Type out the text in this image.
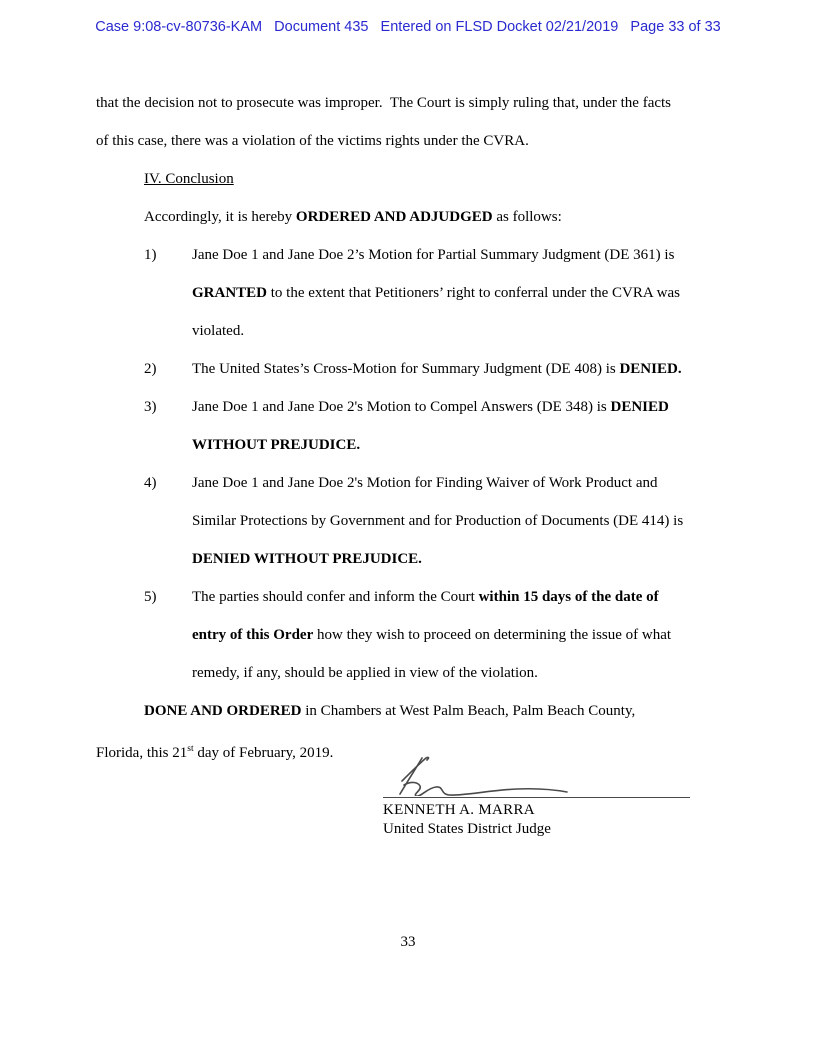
Case 9:08-cv-80736-KAM   Document 435   Entered on FLSD Docket 02/21/2019   Page 33 of 33
that the decision not to prosecute was improper.  The Court is simply ruling that, under the facts
of this case, there was a violation of the victims rights under the CVRA.
IV. Conclusion
Accordingly, it is hereby ORDERED AND ADJUDGED as follows:
1) Jane Doe 1 and Jane Doe 2’s Motion for Partial Summary Judgment (DE 361) is
GRANTED to the extent that Petitioners’ right to conferral under the CVRA was
violated.
2) The United States’s Cross-Motion for Summary Judgment (DE 408) is DENIED.
3) Jane Doe 1 and Jane Doe 2's Motion to Compel Answers (DE 348) is DENIED
WITHOUT PREJUDICE.
4) Jane Doe 1 and Jane Doe 2's Motion for Finding Waiver of Work Product and
Similar Protections by Government and for Production of Documents (DE 414) is
DENIED WITHOUT PREJUDICE.
5) The parties should confer and inform the Court within 15 days of the date of
entry of this Order how they wish to proceed on determining the issue of what
remedy, if any, should be applied in view of the violation.
DONE AND ORDERED in Chambers at West Palm Beach, Palm Beach County,
Florida, this 21st day of February, 2019.
KENNETH A. MARRA
United States District Judge
33
